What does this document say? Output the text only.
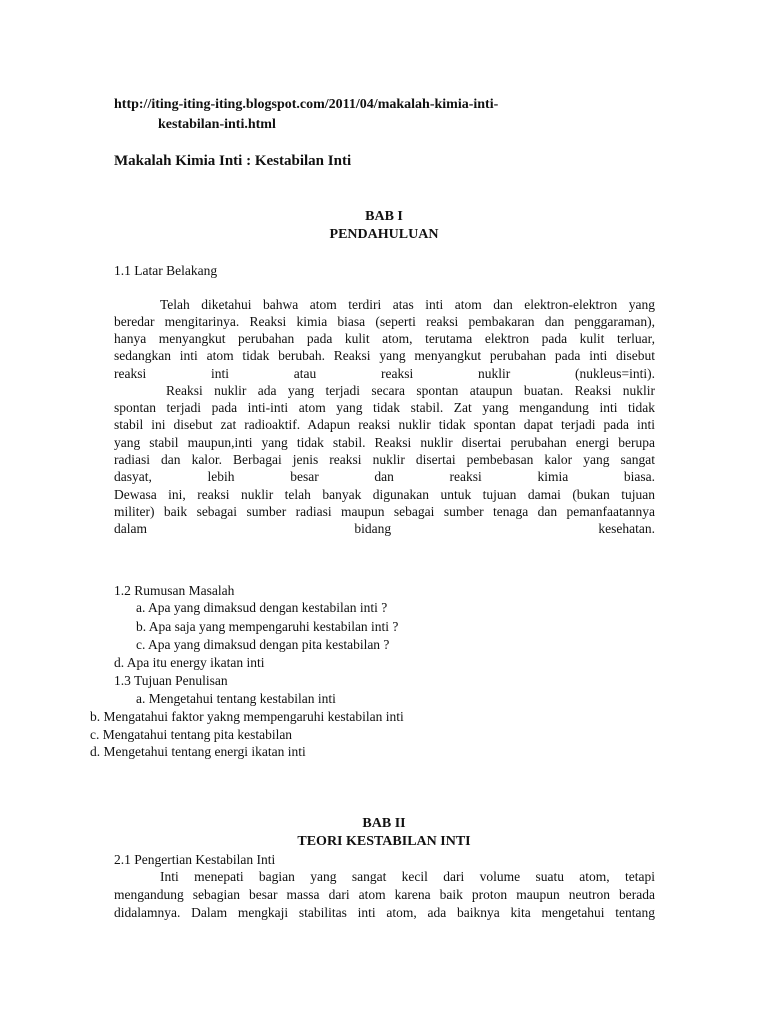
http://iting-iting-iting.blogspot.com/2011/04/makalah-kimia-inti-
kestabilan-inti.html
Makalah Kimia Inti : Kestabilan Inti
BAB I
PENDAHULUAN
1.1 Latar Belakang
Telah diketahui bahwa atom terdiri atas inti atom dan elektron-elektron yang
beredar mengitarinya. Reaksi kimia biasa (seperti reaksi pembakaran dan penggaraman),
hanya menyangkut perubahan pada kulit atom, terutama elektron pada kulit terluar,
sedangkan inti atom tidak berubah. Reaksi yang menyangkut perubahan pada inti disebut
reaksi inti atau reaksi nuklir (nukleus=inti).
Reaksi nuklir ada yang terjadi secara spontan ataupun buatan. Reaksi nuklir
spontan terjadi pada inti-inti atom yang tidak stabil. Zat yang mengandung inti tidak
stabil ini disebut zat radioaktif. Adapun reaksi nuklir tidak spontan dapat terjadi pada inti
yang stabil maupun,inti yang tidak stabil. Reaksi nuklir disertai perubahan energi berupa
radiasi dan kalor. Berbagai jenis reaksi nuklir disertai pembebasan kalor yang sangat
dasyat, lebih besar dan reaksi kimia biasa.
Dewasa ini, reaksi nuklir telah banyak digunakan untuk tujuan damai (bukan tujuan
militer) baik sebagai sumber radiasi maupun sebagai sumber tenaga dan pemanfaatannya
dalam bidang kesehatan.
1.2 Rumusan Masalah
a. Apa yang dimaksud dengan kestabilan inti ?
b. Apa saja yang mempengaruhi kestabilan inti ?
c. Apa yang dimaksud dengan pita kestabilan ?
d. Apa itu energy ikatan inti
1.3 Tujuan Penulisan
a. Mengetahui tentang kestabilan inti
b. Mengatahui faktor yakng mempengaruhi kestabilan inti
c. Mengatahui tentang pita kestabilan
d. Mengetahui tentang energi ikatan inti
BAB II
TEORI KESTABILAN INTI
2.1 Pengertian Kestabilan Inti
Inti menepati bagian yang sangat kecil dari volume suatu atom, tetapi
mengandung sebagian besar massa dari atom karena baik proton maupun neutron berada
didalamnya. Dalam mengkaji stabilitas inti atom, ada baiknya kita mengetahui tentang
